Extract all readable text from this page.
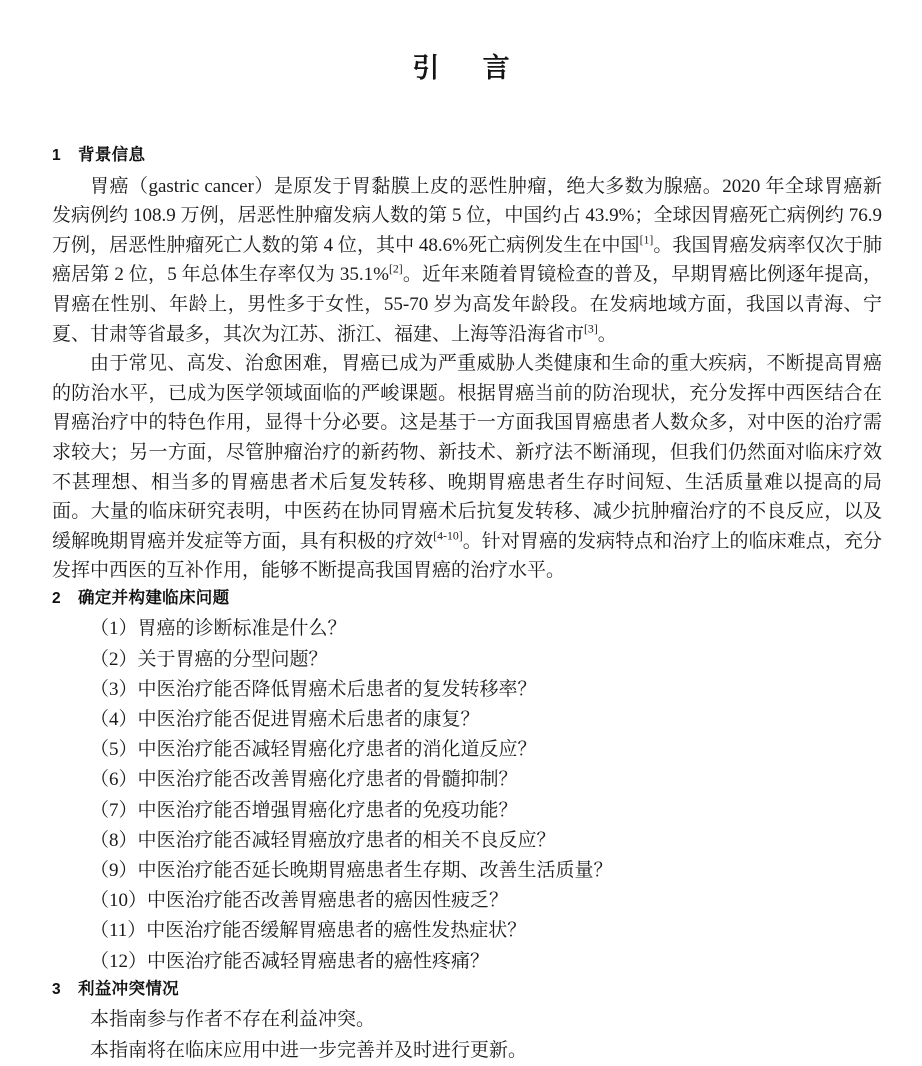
引　言
1	背景信息

胃癌（gastric cancer）是原发于胃黏膜上皮的恶性肿瘤，绝大多数为腺癌。2020 年全球胃癌新发病例约 108.9 万例，居恶性肿瘤发病人数的第 5 位，中国约占 43.9%；全球因胃癌死亡病例约 76.9 万例，居恶性肿瘤死亡人数的第 4 位，其中 48.6%死亡病例发生在中国[1]。我国胃癌发病率仅次于肺癌居第 2 位，5 年总体生存率仅为 35.1%[2]。近年来随着胃镜检查的普及，早期胃癌比例逐年提高，胃癌在性别、年龄上，男性多于女性，55-70 岁为高发年龄段。在发病地域方面，我国以青海、宁夏、甘肃等省最多，其次为江苏、浙江、福建、上海等沿海省市[3]。

由于常见、高发、治愈困难，胃癌已成为严重威胁人类健康和生命的重大疾病，不断提高胃癌的防治水平，已成为医学领域面临的严峻课题。根据胃癌当前的防治现状，充分发挥中西医结合在胃癌治疗中的特色作用，显得十分必要。这是基于一方面我国胃癌患者人数众多，对中医的治疗需求较大；另一方面，尽管肿瘤治疗的新药物、新技术、新疗法不断涌现，但我们仍然面对临床疗效不甚理想、相当多的胃癌患者术后复发转移、晚期胃癌患者生存时间短、生活质量难以提高的局面。大量的临床研究表明，中医药在协同胃癌术后抗复发转移、减少抗肿瘤治疗的不良反应，以及缓解晚期胃癌并发症等方面，具有积极的疗效[4-10]。针对胃癌的发病特点和治疗上的临床难点，充分发挥中西医的互补作用，能够不断提高我国胃癌的治疗水平。

2	确定并构建临床问题
（1）胃癌的诊断标准是什么？
（2）关于胃癌的分型问题？
（3）中医治疗能否降低胃癌术后患者的复发转移率？
（4）中医治疗能否促进胃癌术后患者的康复？
（5）中医治疗能否减轻胃癌化疗患者的消化道反应？
（6）中医治疗能否改善胃癌化疗患者的骨髓抑制？
（7）中医治疗能否增强胃癌化疗患者的免疫功能？
（8）中医治疗能否减轻胃癌放疗患者的相关不良反应？
（9）中医治疗能否延长晚期胃癌患者生存期、改善生活质量？
（10）中医治疗能否改善胃癌患者的癌因性疲乏？
（11）中医治疗能否缓解胃癌患者的癌性发热症状？
（12）中医治疗能否减轻胃癌患者的癌性疼痛？
3	利益冲突情况

本指南参与作者不存在利益冲突。

本指南将在临床应用中进一步完善并及时进行更新。
